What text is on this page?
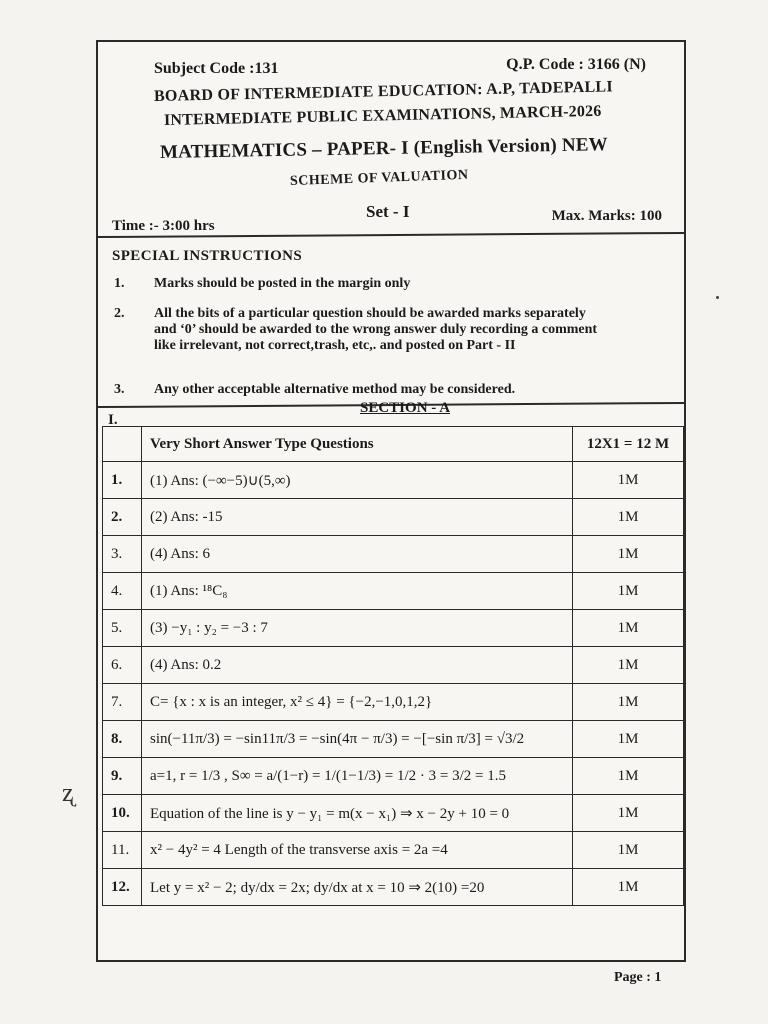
Subject Code :131	Q.P. Code : 3166 (N)
BOARD OF INTERMEDIATE EDUCATION: A.P, TADEPALLI
INTERMEDIATE PUBLIC EXAMINATIONS, MARCH-2026
MATHEMATICS – PAPER- I (English Version) NEW
SCHEME OF VALUATION
Time :- 3:00 hrs
Set - I	Max. Marks: 100
SPECIAL INSTRUCTIONS
1. Marks should be posted in the margin only
2. All the bits of a particular question should be awarded marks separately and ‘0’ should be awarded to the wrong answer duly recording a comment like irrelevant, not correct,trash, etc,. and posted on Part - II
3. Any other acceptable alternative method may be considered.
I.
SECTION - A
	Very Short Answer Type Questions	12X1 = 12 M
1.	(1) Ans: (−∞−5)∪(5,∞)	1M
2.	(2) Ans: -15	1M
3.	(4) Ans: 6	1M
4.	(1) Ans: ¹⁸C₈	1M
5.	(3) −y₁ : y₂ = −3 : 7	1M
6.	(4) Ans: 0.2	1M
7.	C= {x : x is an integer, x² ≤ 4} = {−2,−1,0,1,2}	1M
8.	sin(−11π/3) = −sin11π/3 = −sin(4π − π/3) = −[−sin π/3] = √3/2	1M
9.	a=1, r = 1/3 , S∞ = a/(1−r) = 1/(1−1/3) = 1/2 · 3 = 3/2 = 1.5	1M
10.	Equation of the line is y − y₁ = m(x − x₁) ⇒ x − 2y + 10 = 0	1M
11.	x² − 4y² = 4 Length of the transverse axis = 2a =4	1M
12.	Let y = x² − 2; dy/dx = 2x; dy/dx at x = 10 ⇒ 2(10) =20	1M
ʐ
Page : 1
